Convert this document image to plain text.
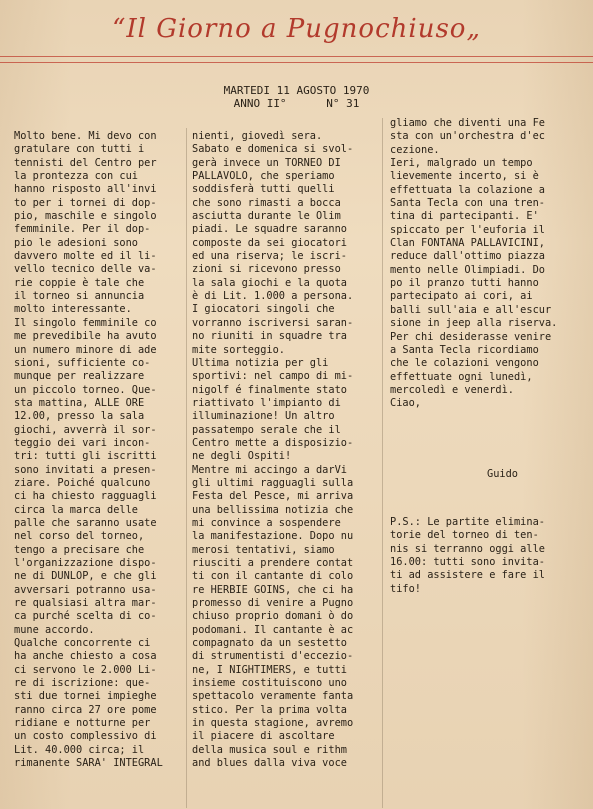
“Il Giorno a Pugnochiuso„
MARTEDI 11 AGOSTO 1970
ANNO II°      N° 31
Molto bene. Mi devo con
gratulare con tutti i
tennisti del Centro per
la prontezza con cui
hanno risposto all'invi
to per i tornei di dop-
pio, maschile e singolo
femminile. Per il dop-
pio le adesioni sono
davvero molte ed il li-
vello tecnico delle va-
rie coppie è tale che
il torneo si annuncia
molto interessante.
Il singolo femminile co
me prevedibile ha avuto
un numero minore di ade
sioni, sufficiente co-
munque per realizzare
un piccolo torneo. Que-
sta mattina, ALLE ORE
12.00, presso la sala
giochi, avverrà il sor-
teggio dei vari incon-
tri: tutti gli iscritti
sono invitati a presen-
ziare. Poiché qualcuno
ci ha chiesto ragguagli
circa la marca delle
palle che saranno usate
nel corso del torneo,
tengo a precisare che
l'organizzazione dispo-
ne di DUNLOP, e che gli
avversari potranno usa-
re qualsiasi altra mar-
ca purché scelta di co-
mune accordo.
Qualche concorrente ci
ha anche chiesto a cosa
ci servono le 2.000 Li-
re di iscrizione: que-
sti due tornei impieghe
ranno circa 27 ore pome
ridiane e notturne per
un costo complessivo di
Lit. 40.000 circa; il
rimanente SARA' INTEGRAL
nienti, giovedì sera.
Sabato e domenica si svol-
gerà invece un TORNEO DI
PALLAVOLO, che speriamo
soddisferà tutti quelli
che sono rimasti a bocca
asciutta durante le Olim
piadi. Le squadre saranno
composte da sei giocatori
ed una riserva; le iscri-
zioni si ricevono presso
la sala giochi e la quota
è di Lit. 1.000 a persona.
I giocatori singoli che
vorranno iscriversi saran-
no riuniti in squadre tra
mite sorteggio.
Ultima notizia per gli
sportivi: nel campo di mi-
nigolf é finalmente stato
riattivato l'impianto di
illuminazione! Un altro
passatempo serale che il
Centro mette a disposizio-
ne degli Ospiti!
Mentre mi accingo a darVi
gli ultimi ragguagli sulla
Festa del Pesce, mi arriva
una bellissima notizia che
mi convince a sospendere
la manifestazione. Dopo nu
merosi tentativi, siamo
riusciti a prendere contat
ti con il cantante di colo
re HERBIE GOINS, che ci ha
promesso di venire a Pugno
chiuso proprio domani ò do
podomani. Il cantante è ac
compagnato da un sestetto
di strumentisti d'eccezio-
ne, I NIGHTIMERS, e tutti
insieme costituiscono uno
spettacolo veramente fanta
stico. Per la prima volta
in questa stagione, avremo
il piacere di ascoltare
della musica soul e rithm
and blues dalla viva voce
gliamo che diventi una Fe
sta con un'orchestra d'ec
cezione.
Ieri, malgrado un tempo
lievemente incerto, si è
effettuata la colazione a
Santa Tecla con una tren-
tina di partecipanti. E'
spiccato per l'euforia il
Clan FONTANA PALLAVICINI,
reduce dall'ottimo piazza
mento nelle Olimpiadi. Do
po il pranzo tutti hanno
partecipato ai cori, ai
balli sull'aia e all'escur
sione in jeep alla riserva.
Per chi desiderasse venire
a Santa Tecla ricordiamo
che le colazioni vengono
effettuate ogni lunedì,
mercoledì e venerdì.
Ciao,
Guido
P.S.: Le partite elimina-
torie del torneo di ten-
nis si terranno oggi alle
16.00: tutti sono invita-
ti ad assistere e fare il
tifo!
